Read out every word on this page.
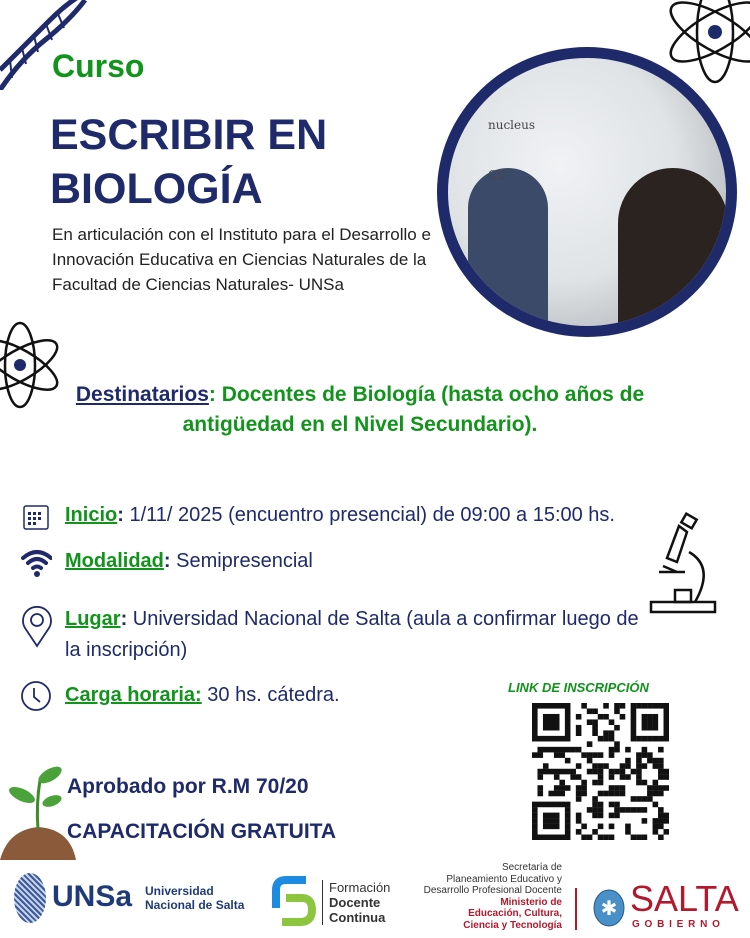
Curso
ESCRIBIR EN
BIOLOGÍA
En articulación con el Instituto para el Desarrollo e Innovación Educativa en Ciencias Naturales de la Facultad de Ciencias Naturales- UNSa
nucleus
Cil
Destinatarios: Docentes de Biología (hasta ocho años de antigüedad en el Nivel Secundario).
Inicio: 1/11/ 2025 (encuentro presencial) de 09:00 a 15:00 hs.
Modalidad: Semipresencial
Lugar: Universidad Nacional de Salta (aula a confirmar luego de la inscripción)
Carga horaria: 30 hs. cátedra.	LINK DE INSCRIPCIÓN
Aprobado por R.M 70/20
CAPACITACIÓN GRATUITA
UNSa Universidad
Nacional de Salta
Formación
Docente
Continua
Secretaría de
Planeamiento Educativo y
Desarrollo Profesional Docente
Ministerio de
Educación, Cultura,
Ciencia y Tecnología
✱ SALTA
G O B I E R N O
